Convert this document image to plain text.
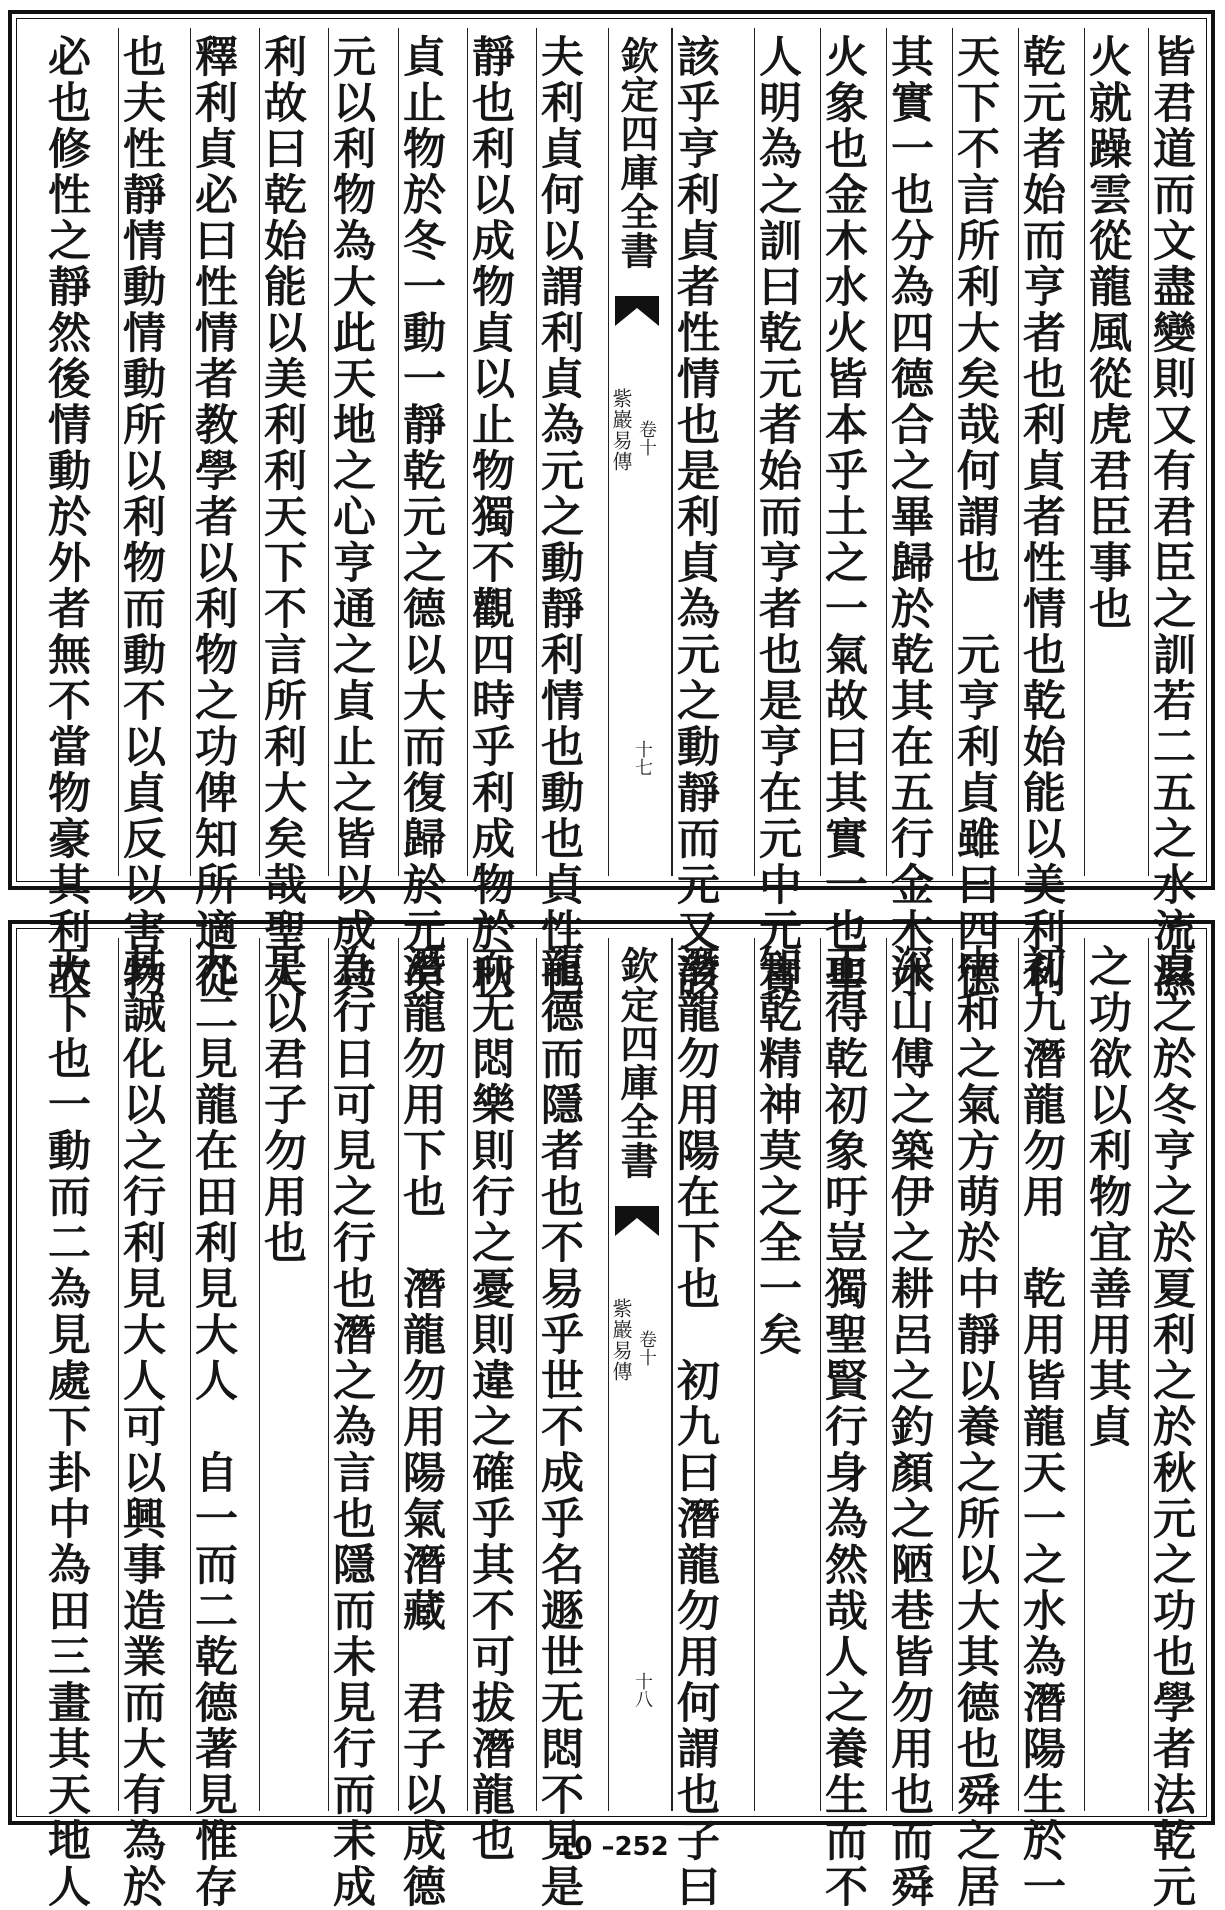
皆君道而文盡變則又有君臣之訓若二五之水流濕
火就躁雲從龍風從虎君臣事也
乾元者始而亨者也利貞者性情也乾始能以美利利
天下不言所利大矣哉何謂也　元亨利貞雖曰四德
其實一也分為四德合之畢歸於乾其在五行金木水
火象也金木水火皆本乎土之一氣故曰其實一也聖
人明為之訓曰乾元者始而亨者也是亨在元中元實
該乎亨利貞者性情也是利貞為元之動靜而元又該
欽定四庫全書
紫巖易傳 卷十
十七
夫利貞何以謂利貞為元之動靜利情也動也貞性也
靜也利以成物貞以止物獨不觀四時乎利成物於秋
貞止物於冬一動一靜乾元之德以大而復歸於元矣
元以利物為大此天地之心亨通之貞止之皆以成其
利故曰乾始能以美利利天下不言所利大矣哉聖人
釋利貞必曰性情者教學者以利物之功俾知所適從
也夫性靜情動情動所以利物而動不以貞反以害物
必也修性之靜然後情動於外者無不當物豪其利故
貞之於冬亨之於夏利之於秋元之功也學者法乾元
之功欲以利物宜善用其貞
初九潛龍勿用　乾用皆龍天一之水為潛陽生於一
中和之氣方萌於中靜以養之所以大其德也舜之居
深山傅之築伊之耕呂之釣顏之陋巷皆勿用也而舜
正得乾初象吁豈獨聖賢行身為然哉人之養生而不
知乾精神莫之全一矣
潛龍勿用陽在下也　初九曰潛龍勿用何謂也子曰
欽定四庫全書
紫巖易傳 卷十
十八
龍德而隱者也不易乎世不成乎名遯世无悶不見是
而无悶樂則行之憂則違之確乎其不可拔潛龍也
潛龍勿用下也　潛龍勿用陽氣潛藏　君子以成德
為行日可見之行也潛之為言也隱而未見行而未成
是以君子勿用也
九二見龍在田利見大人　自一而二乾德著見惟存
其誠化以之行利見大人可以興事造業而大有為於
天下也一動而二為見處下卦中為田三畫其天地人	10 –252
